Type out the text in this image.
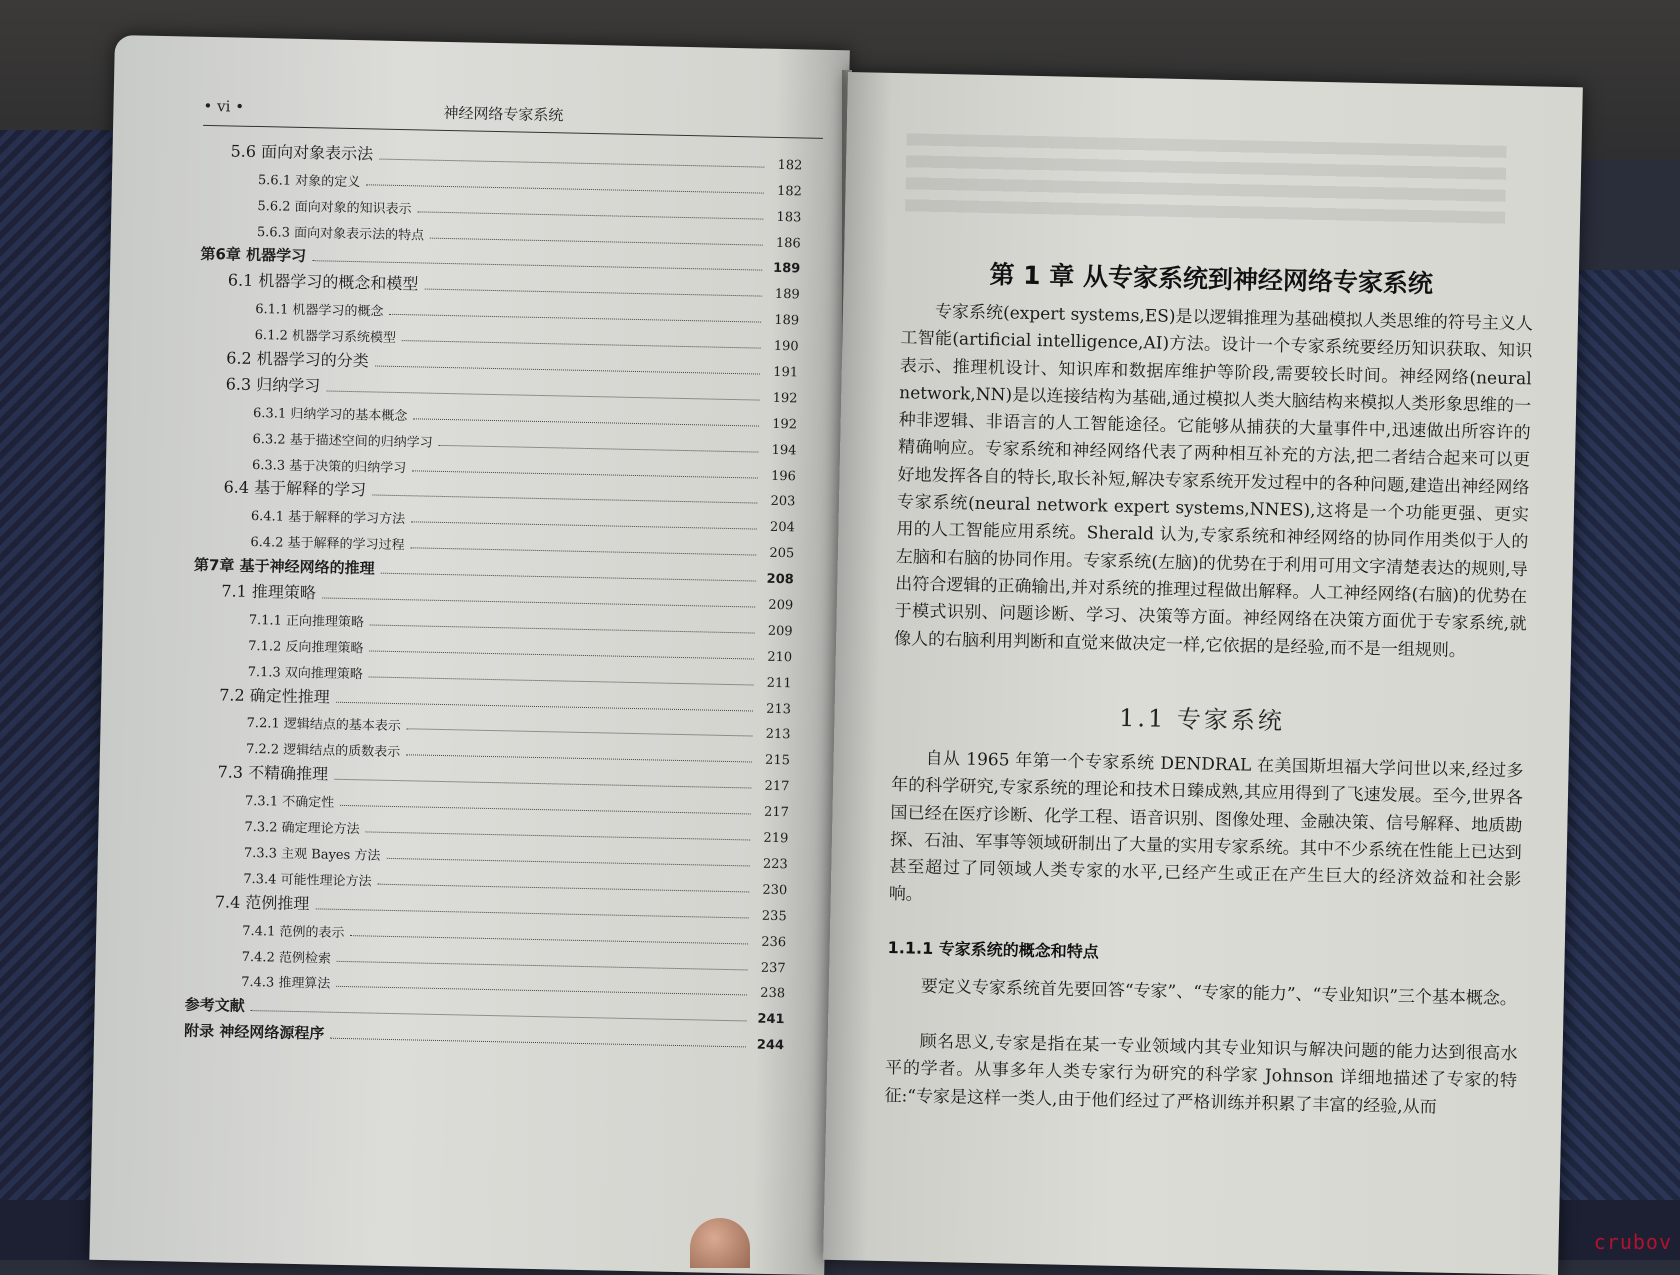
• vi •	神经网络专家系统
5.6 面向对象表示法
182
5.6.1 对象的定义
182
5.6.2 面向对象的知识表示
183
5.6.3 面向对象表示法的特点
186
第6章 机器学习
189
6.1 机器学习的概念和模型
189
6.1.1 机器学习的概念
189
6.1.2 机器学习系统模型
190
6.2 机器学习的分类
191
6.3 归纳学习
192
6.3.1 归纳学习的基本概念
192
6.3.2 基于描述空间的归纳学习	194
6.3.3 基于决策的归纳学习
196
6.4 基于解释的学习
203
6.4.1 基于解释的学习方法
204
6.4.2 基于解释的学习过程
205
第7章 基于神经网络的推理
208
7.1 推理策略
209
7.1.1 正向推理策略
209
7.1.2 反向推理策略
210
7.1.3 双向推理策略
211
7.2 确定性推理
213
7.2.1 逻辑结点的基本表示
213
7.2.2 逻辑结点的质数表示
215
7.3 不精确推理
217
7.3.1 不确定性
217
7.3.2 确定理论方法
219
7.3.3 主观 Bayes 方法
223
7.3.4 可能性理论方法
230
7.4 范例推理
235
7.4.1 范例的表示
236
7.4.2 范例检索
237
7.4.3 推理算法
238
参考文献
241
附录 神经网络源程序
244
第 1 章 从专家系统到神经网络专家系统
专家系统(expert systems,ES)是以逻辑推理为基础模拟人类思维的符号主义人工智能(artificial intelligence,AI)方法。设计一个专家系统要经历知识获取、知识表示、推理机设计、知识库和数据库维护等阶段,需要较长时间。神经网络(neural network,NN)是以连接结构为基础,通过模拟人类大脑结构来模拟人类形象思维的一种非逻辑、非语言的人工智能途径。它能够从捕获的大量事件中,迅速做出所容许的精确响应。专家系统和神经网络代表了两种相互补充的方法,把二者结合起来可以更好地发挥各自的特长,取长补短,解决专家系统开发过程中的各种问题,建造出神经网络专家系统(neural network expert systems,NNES),这将是一个功能更强、更实用的人工智能应用系统。Sherald 认为,专家系统和神经网络的协同作用类似于人的左脑和右脑的协同作用。专家系统(左脑)的优势在于利用可用文字清楚表达的规则,导出符合逻辑的正确输出,并对系统的推理过程做出解释。人工神经网络(右脑)的优势在于模式识别、问题诊断、学习、决策等方面。神经网络在决策方面优于专家系统,就像人的右脑利用判断和直觉来做决定一样,它依据的是经验,而不是一组规则。
1.1 专家系统
自从 1965 年第一个专家系统 DENDRAL 在美国斯坦福大学问世以来,经过多年的科学研究,专家系统的理论和技术日臻成熟,其应用得到了飞速发展。至今,世界各国已经在医疗诊断、化学工程、语音识别、图像处理、金融决策、信号解释、地质勘探、石油、军事等领域研制出了大量的实用专家系统。其中不少系统在性能上已达到甚至超过了同领域人类专家的水平,已经产生或正在产生巨大的经济效益和社会影响。
1.1.1 专家系统的概念和特点
要定义专家系统首先要回答“专家”、“专家的能力”、“专业知识”三个基本概念。
顾名思义,专家是指在某一专业领域内其专业知识与解决问题的能力达到很高水平的学者。从事多年人类专家行为研究的科学家 Johnson 详细地描述了专家的特征:“专家是这样一类人,由于他们经过了严格训练并积累了丰富的经验,从而
crubov
